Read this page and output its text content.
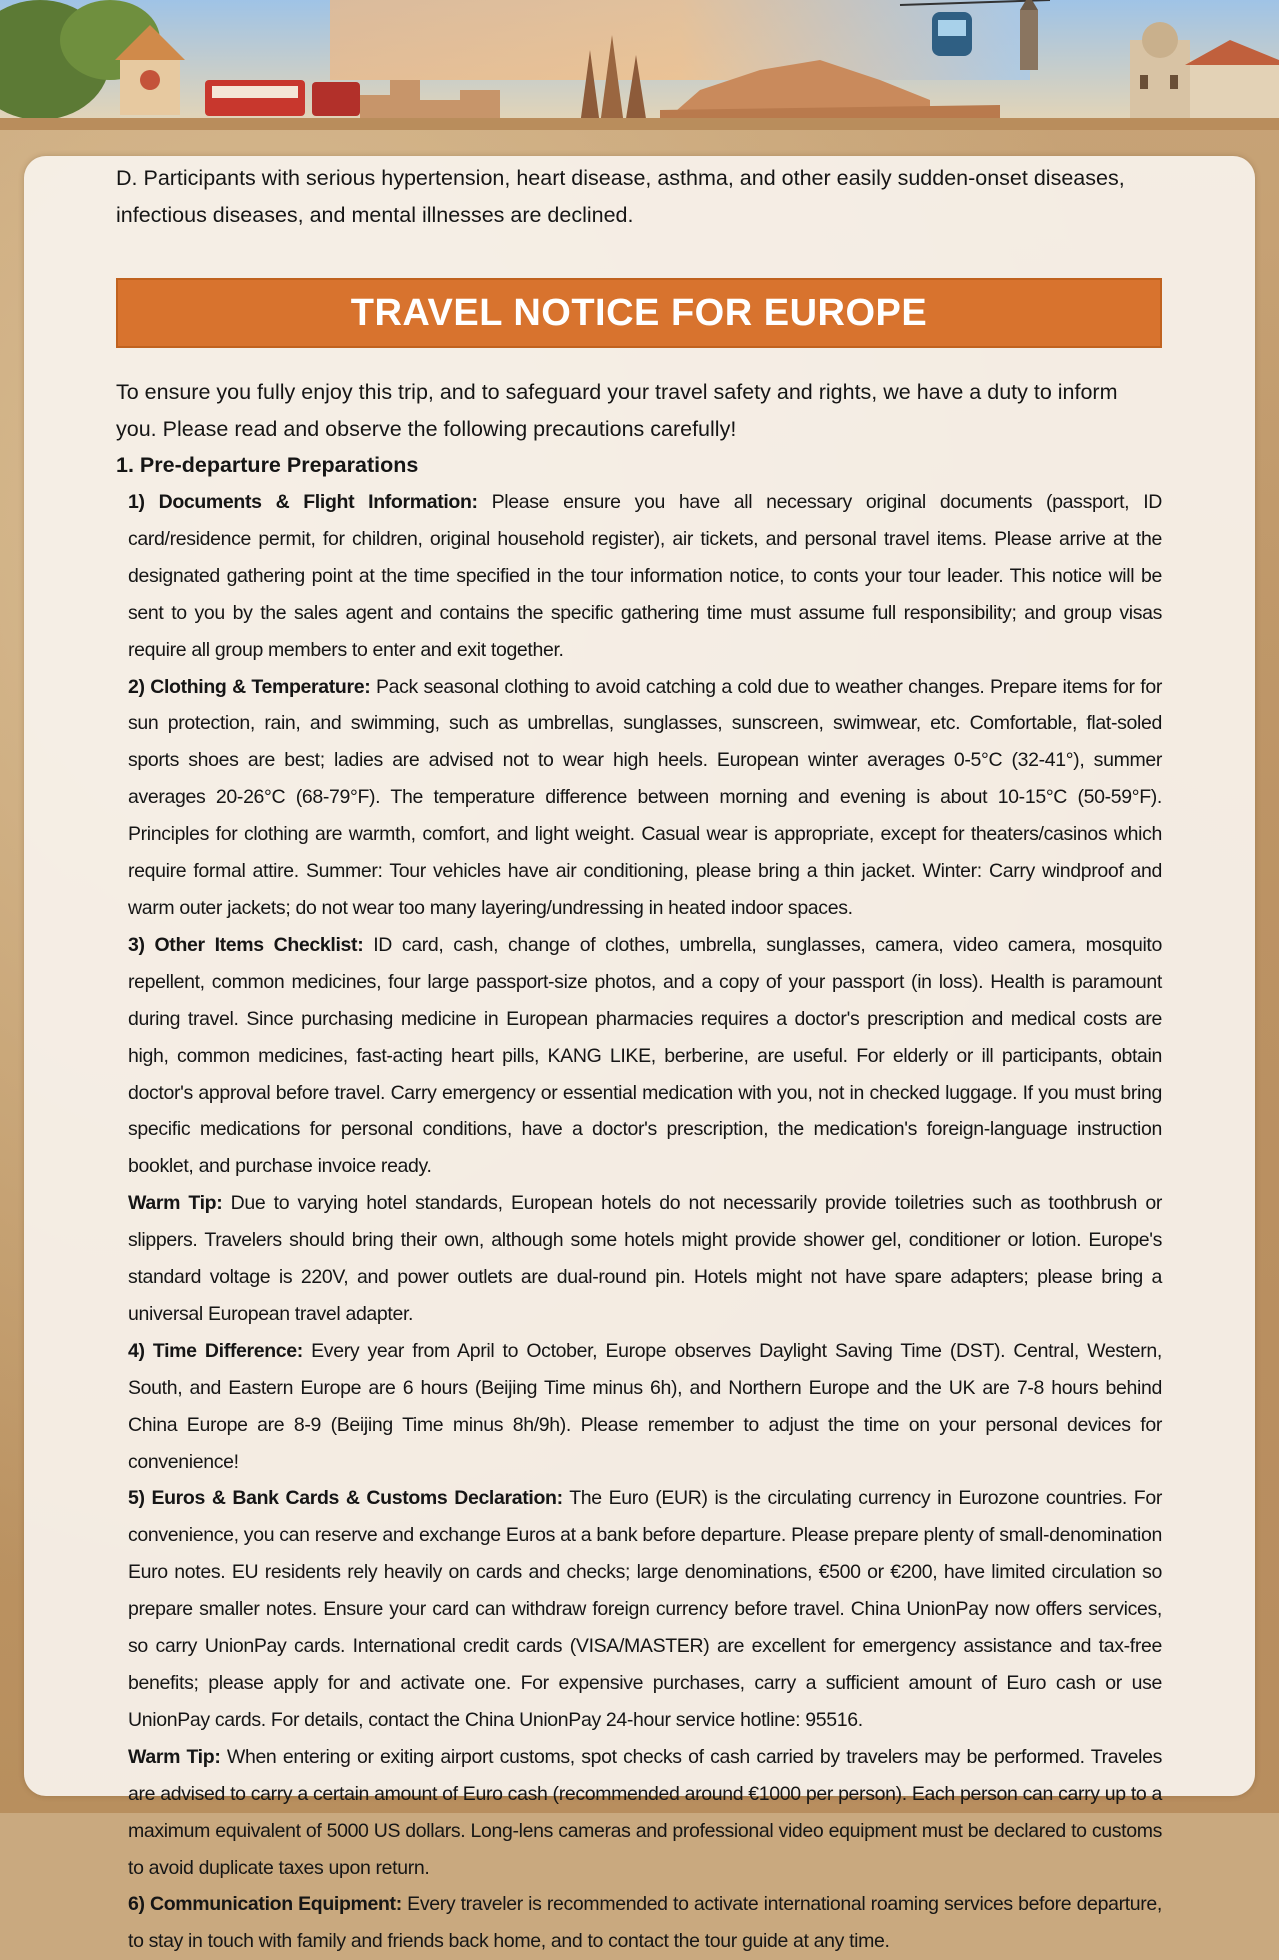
D. Participants with serious hypertension, heart disease, asthma, and other easily sudden-onset diseases, infectious diseases, and mental illnesses are declined.

TRAVEL NOTICE FOR EUROPE

To ensure you fully enjoy this trip, and to safeguard your travel safety and rights, we have a duty to inform you. Please read and observe the following precautions carefully!

1. Pre-departure Preparations

1) Documents & Flight Information: Please ensure you have all necessary original documents (passport, ID card/residence permit, for children, original household register), air tickets, and personal travel items. Please arrive at the designated gathering point at the time specified in the tour information notice, to conts your tour leader. This notice will be sent to you by the sales agent and contains the specific gathering time must assume full responsibility; and group visas require all group members to enter and exit together.

2) Clothing & Temperature: Pack seasonal clothing to avoid catching a cold due to weather changes. Prepare items for for sun protection, rain, and swimming, such as umbrellas, sunglasses, sunscreen, swimwear, etc. Comfortable, flat-soled sports shoes are best; ladies are advised not to wear high heels. European winter averages 0-5°C (32-41°), summer averages 20-26°C (68-79°F). The temperature difference between morning and evening is about 10-15°C (50-59°F). Principles for clothing are warmth, comfort, and light weight. Casual wear is appropriate, except for theaters/casinos which require formal attire. Summer: Tour vehicles have air conditioning, please bring a thin jacket. Winter: Carry windproof and warm outer jackets; do not wear too many layering/undressing in heated indoor spaces.

3) Other Items Checklist: ID card, cash, change of clothes, umbrella, sunglasses, camera, video camera, mosquito repellent, common medicines, four large passport-size photos, and a copy of your passport (in loss). Health is paramount during travel. Since purchasing medicine in European pharmacies requires a doctor's prescription and medical costs are high, common medicines, fast-acting heart pills, KANG LIKE, berberine, are useful. For elderly or ill participants, obtain doctor's approval before travel. Carry emergency or essential medication with you, not in checked luggage. If you must bring specific medications for personal conditions, have a doctor's prescription, the medication's foreign-language instruction booklet, and purchase invoice ready.

Warm Tip: Due to varying hotel standards, European hotels do not necessarily provide toiletries such as toothbrush or slippers. Travelers should bring their own, although some hotels might provide shower gel, conditioner or lotion. Europe's standard voltage is 220V, and power outlets are dual-round pin. Hotels might not have spare adapters; please bring a universal European travel adapter.

4) Time Difference: Every year from April to October, Europe observes Daylight Saving Time (DST). Central, Western, South, and Eastern Europe are 6 hours (Beijing Time minus 6h), and Northern Europe and the UK are 7-8 hours behind China Europe are 8-9 (Beijing Time minus 8h/9h). Please remember to adjust the time on your personal devices for convenience!

5) Euros & Bank Cards & Customs Declaration: The Euro (EUR) is the circulating currency in Eurozone countries. For convenience, you can reserve and exchange Euros at a bank before departure. Please prepare plenty of small-denomination Euro notes. EU residents rely heavily on cards and checks; large denominations, €500 or €200, have limited circulation so prepare smaller notes. Ensure your card can withdraw foreign currency before travel. China UnionPay now offers services, so carry UnionPay cards. International credit cards (VISA/MASTER) are excellent for emergency assistance and tax-free benefits; please apply for and activate one. For expensive purchases, carry a sufficient amount of Euro cash or use UnionPay cards. For details, contact the China UnionPay 24-hour service hotline: 95516.

Warm Tip: When entering or exiting airport customs, spot checks of cash carried by travelers may be performed. Traveles are advised to carry a certain amount of Euro cash (recommended around €1000 per person). Each person can carry up to a maximum equivalent of 5000 US dollars. Long-lens cameras and professional video equipment must be declared to customs to avoid duplicate taxes upon return.

6) Communication Equipment: Every traveler is recommended to activate international roaming services before departure, to stay in touch with family and friends back home, and to contact the tour guide at any time.
